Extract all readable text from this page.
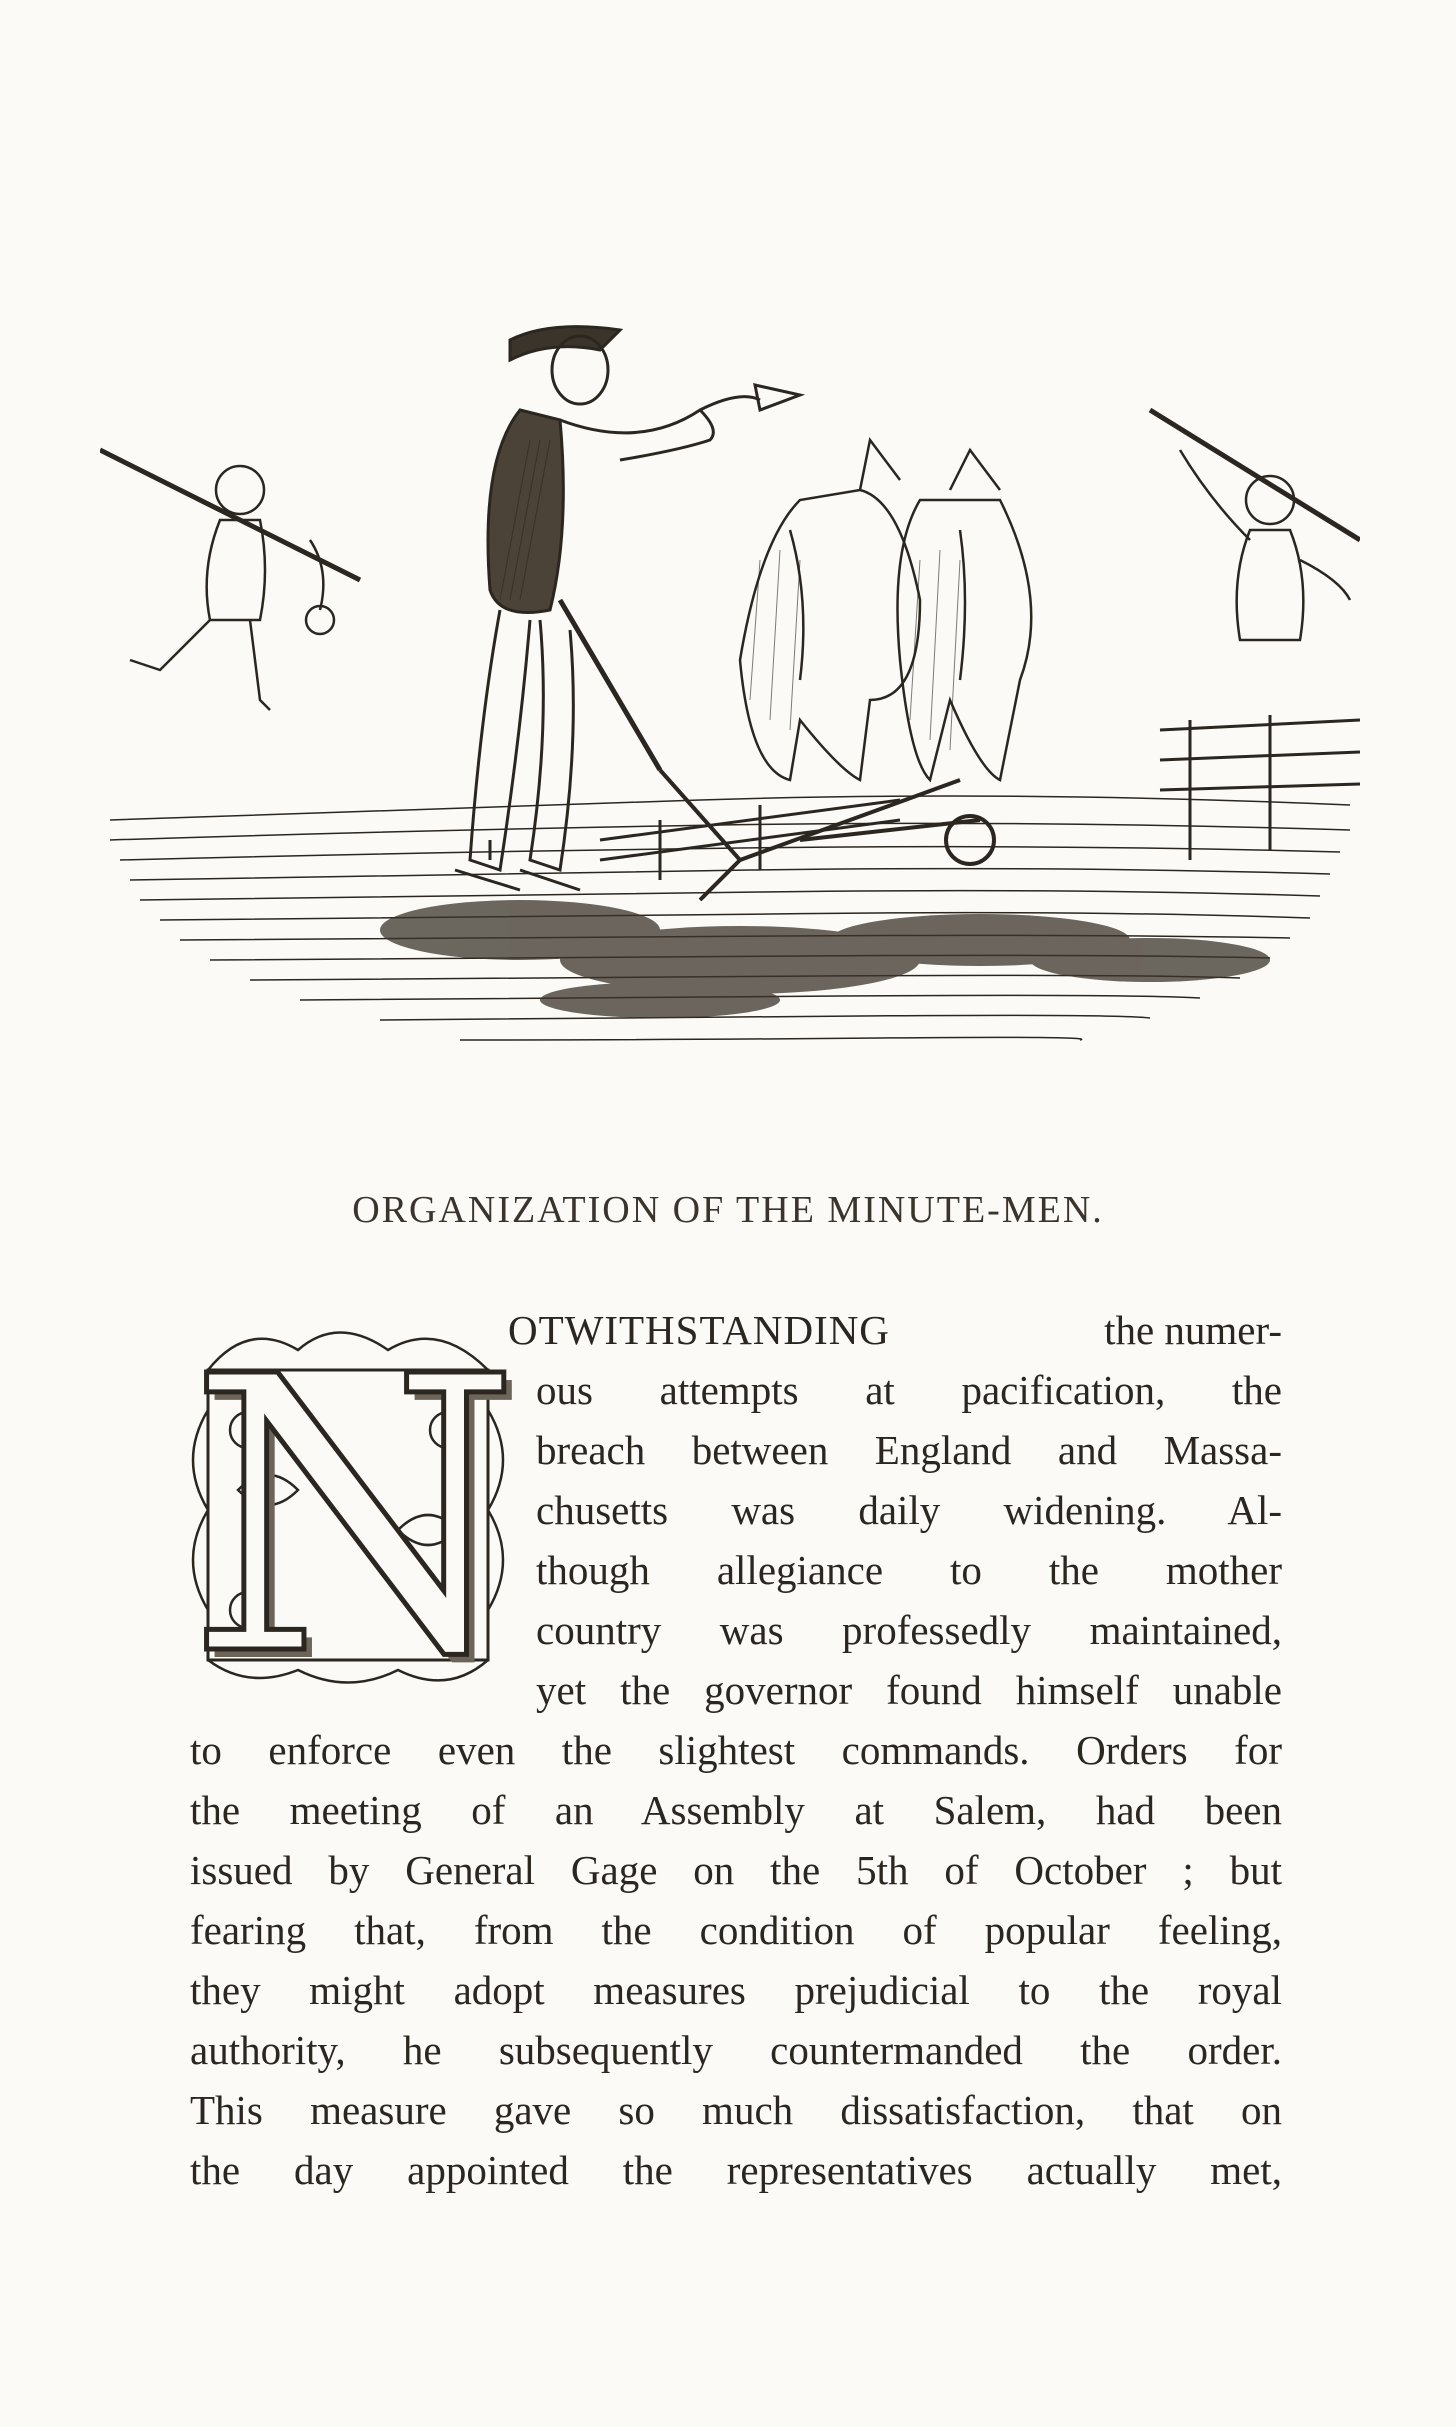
ORGANIZATION OF THE MINUTE-MEN.
N
OTWITHSTANDING	the numer-
ous attempts at pacification, the
breach between England and Massa-
chusetts was daily widening. Al-
though allegiance to the mother
country was professedly maintained,
yet the governor found himself unable
to enforce even the slightest commands. Orders for
the meeting of an Assembly at Salem, had been
issued by General Gage on the 5th of October ; but
fearing that, from the condition of popular feeling,
they might adopt measures prejudicial to the royal
authority, he subsequently countermanded the order.
This measure gave so much dissatisfaction, that on
the day appointed the representatives actually met,
